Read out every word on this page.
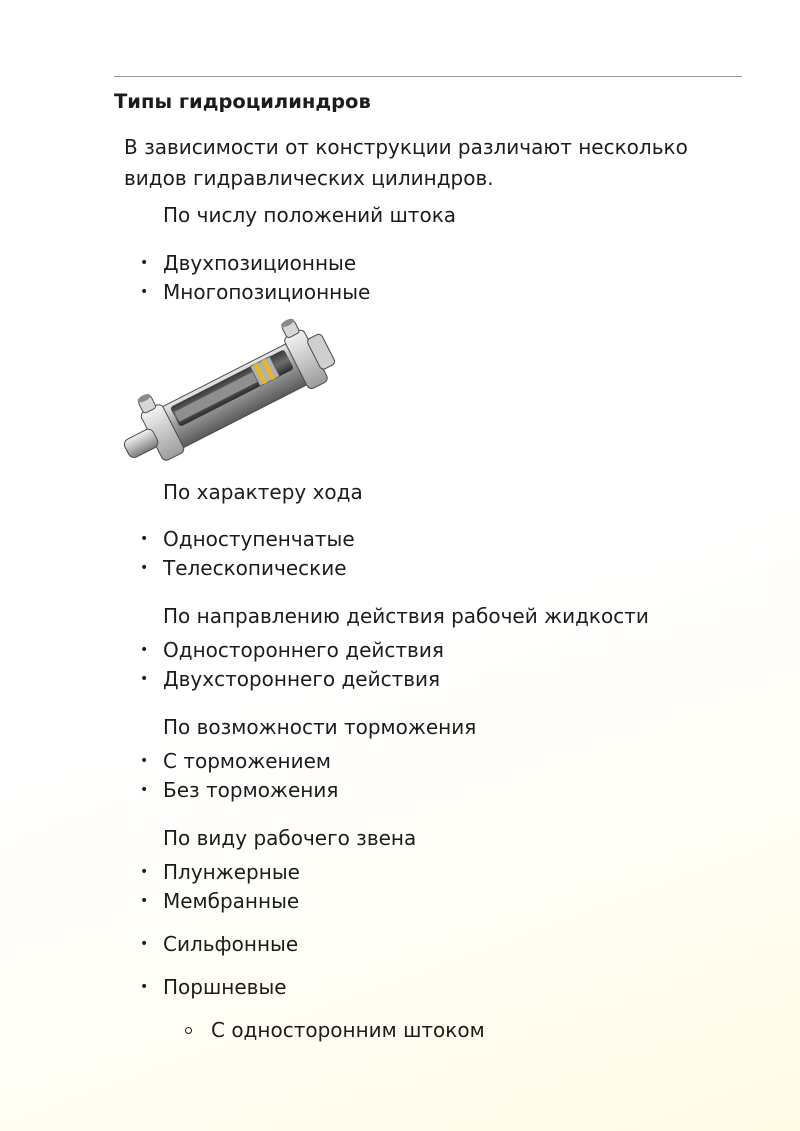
Типы гидроцилиндров
В зависимости от конструкции различают несколько видов гидравлических цилиндров.
По числу положений штока
• Двухпозиционные
• Многопозиционные
По характеру хода
• Одноступенчатые
• Телескопические
По направлению действия рабочей жидкости
• Одностороннего действия
• Двухстороннего действия
По возможности торможения
• С торможением
• Без торможения
По виду рабочего звена
• Плунжерные
• Мембранные
• Сильфонные
• Поршневые
С односторонним штоком
